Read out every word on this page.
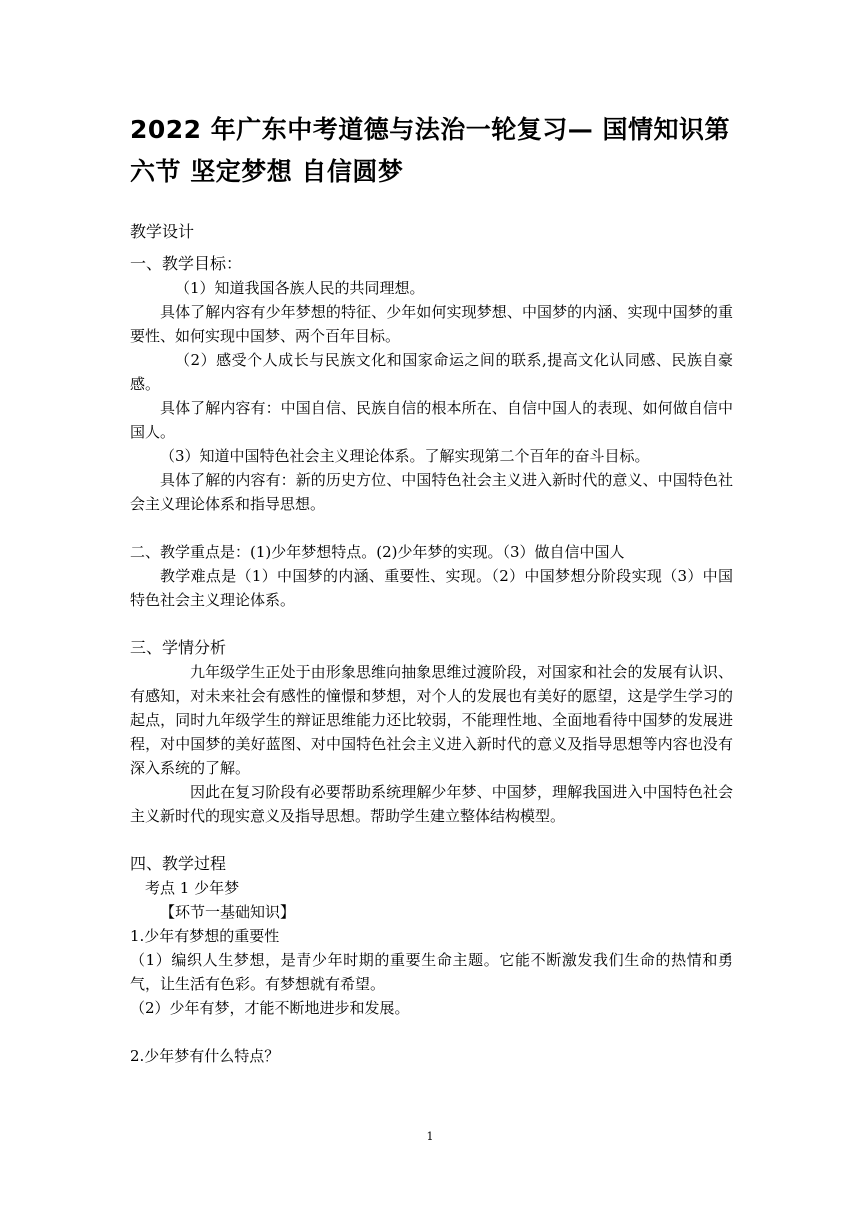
2022 年广东中考道德与法治一轮复习— 国情知识第
六节 坚定梦想 自信圆梦

教学设计

一、教学目标：

（1）知道我国各族人民的共同理想。

具体了解内容有少年梦想的特征、少年如何实现梦想、中国梦的内涵、实现中国梦的重要性、如何实现中国梦、两个百年目标。

（2）感受个人成长与民族文化和国家命运之间的联系,提高文化认同感、民族自豪感。

具体了解内容有：中国自信、民族自信的根本所在、自信中国人的表现、如何做自信中国人。

（3）知道中国特色社会主义理论体系。了解实现第二个百年的奋斗目标。

具体了解的内容有：新的历史方位、中国特色社会主义进入新时代的意义、中国特色社会主义理论体系和指导思想。

二、教学重点是：(1)少年梦想特点。(2)少年梦的实现。（3）做自信中国人

教学难点是（1）中国梦的内涵、重要性、实现。（2）中国梦想分阶段实现（3）中国特色社会主义理论体系。

三、学情分析

九年级学生正处于由形象思维向抽象思维过渡阶段，对国家和社会的发展有认识、有感知，对未来社会有感性的憧憬和梦想，对个人的发展也有美好的愿望，这是学生学习的起点，同时九年级学生的辩证思维能力还比较弱，不能理性地、全面地看待中国梦的发展进程，对中国梦的美好蓝图、对中国特色社会主义进入新时代的意义及指导思想等内容也没有深入系统的了解。

因此在复习阶段有必要帮助系统理解少年梦、中国梦，理解我国进入中国特色社会主义新时代的现实意义及指导思想。帮助学生建立整体结构模型。

四、教学过程

考点 1 少年梦

【环节一基础知识】

1.少年有梦想的重要性

（1）编织人生梦想，是青少年时期的重要生命主题。它能不断激发我们生命的热情和勇气，让生活有色彩。有梦想就有希望。

（2）少年有梦，才能不断地进步和发展。

2.少年梦有什么特点？

1
